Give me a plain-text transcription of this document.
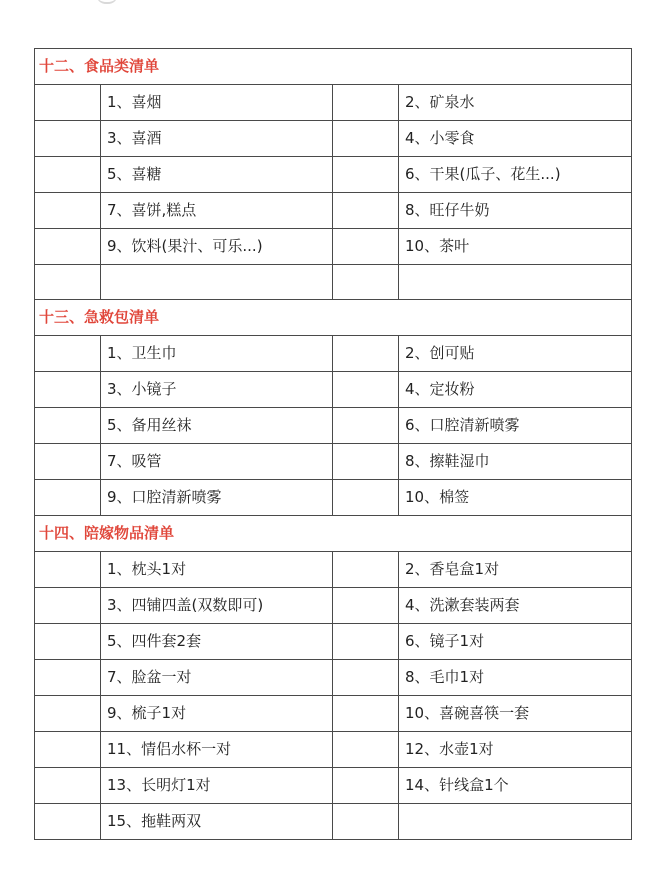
十二、食品类清单			
	1、喜烟		2、矿泉水
	3、喜酒		4、小零食
	5、喜糖		6、干果(瓜子、花生...)
	7、喜饼,糕点		8、旺仔牛奶
	9、饮料(果汁、可乐...)		10、茶叶

十三、急救包清单			
	1、卫生巾		2、创可贴
	3、小镜子		4、定妆粉
	5、备用丝袜		6、口腔清新喷雾
	7、吸管		8、擦鞋湿巾
	9、口腔清新喷雾		10、棉签
十四、陪嫁物品清单			
	1、枕头1对		2、香皂盒1对
	3、四铺四盖(双数即可)		4、洗漱套装两套
	5、四件套2套		6、镜子1对
	7、脸盆一对		8、毛巾1对
	9、梳子1对		10、喜碗喜筷一套
	11、情侣水杯一对		12、水壶1对
	13、长明灯1对		14、针线盒1个
	15、拖鞋两双		
